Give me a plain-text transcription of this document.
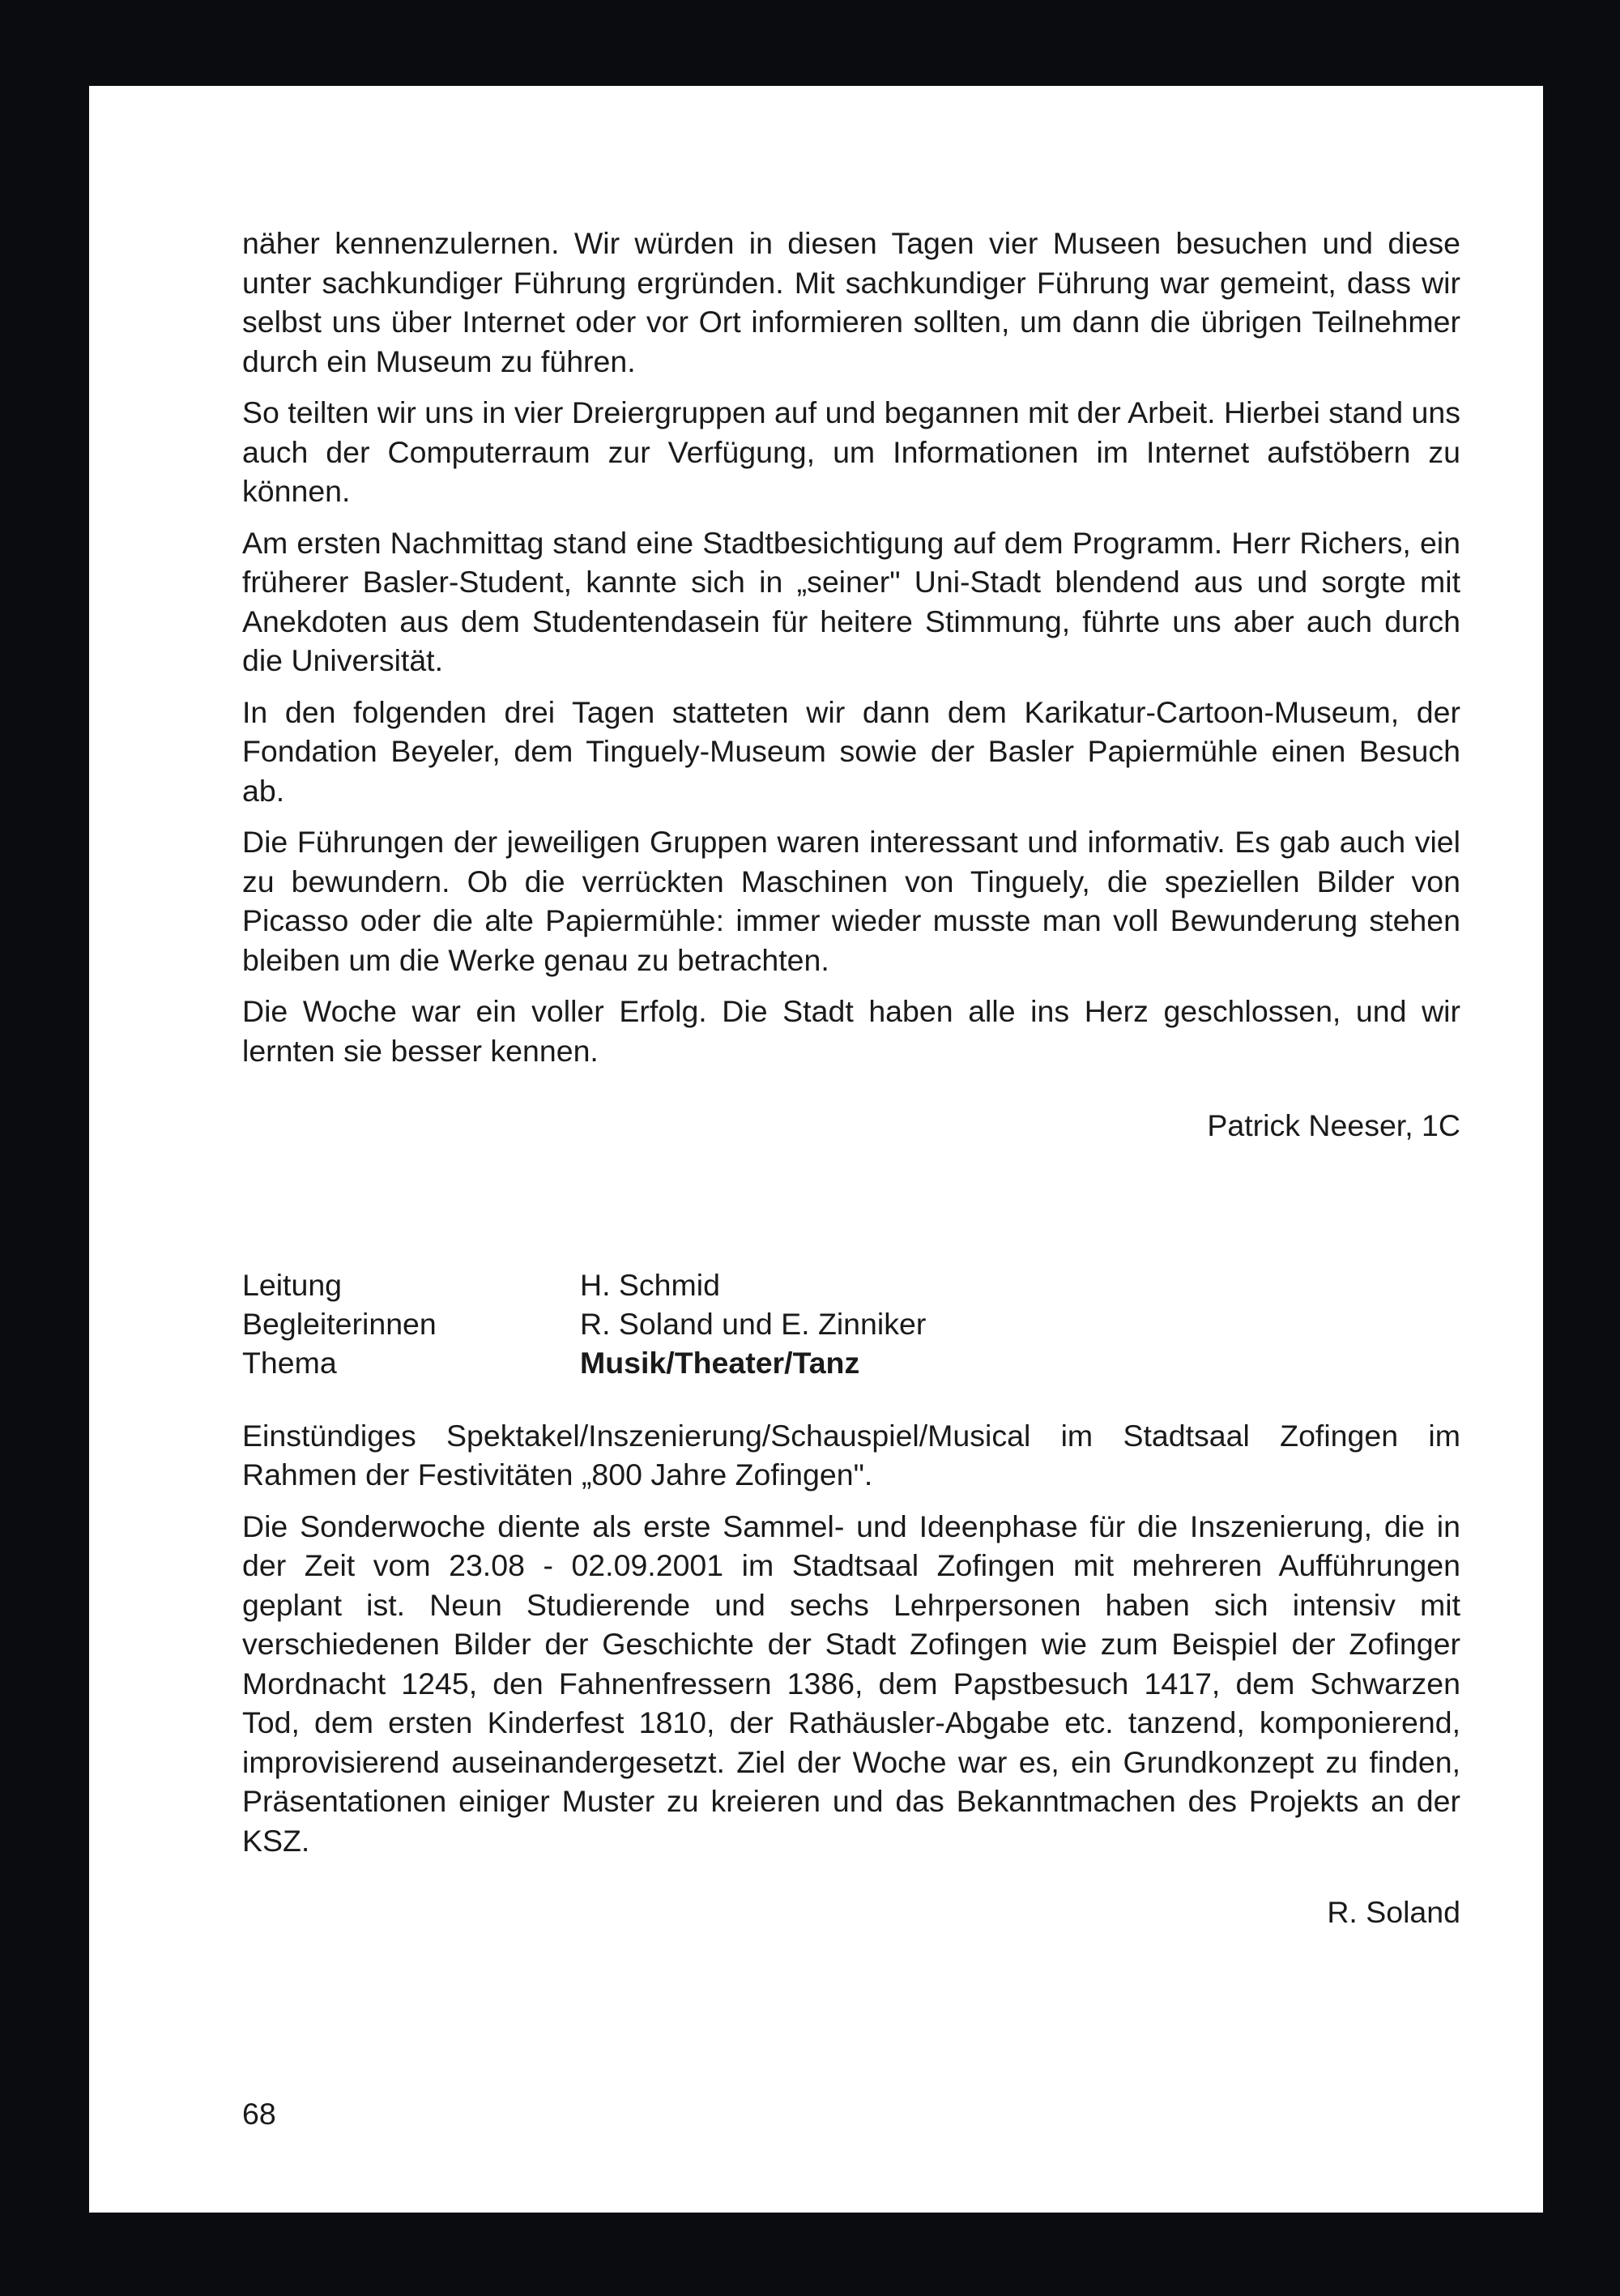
näher kennenzulernen. Wir würden in diesen Tagen vier Museen besuchen und diese unter sachkundiger Führung ergründen. Mit sachkundiger Führung war gemeint, dass wir selbst uns über Internet oder vor Ort informieren sollten, um dann die übrigen Teilnehmer durch ein Museum zu führen.

So teilten wir uns in vier Dreiergruppen auf und begannen mit der Arbeit. Hierbei stand uns auch der Computerraum zur Verfügung, um Informationen im Internet aufstöbern zu können.

Am ersten Nachmittag stand eine Stadtbesichtigung auf dem Programm. Herr Richers, ein früherer Basler-Student, kannte sich in „seiner" Uni-Stadt blendend aus und sorgte mit Anekdoten aus dem Studentendasein für heitere Stimmung, führte uns aber auch durch die Universität.

In den folgenden drei Tagen statteten wir dann dem Karikatur-Cartoon-Museum, der Fondation Beyeler, dem Tinguely-Museum sowie der Basler Papiermühle einen Besuch ab.

Die Führungen der jeweiligen Gruppen waren interessant und informativ. Es gab auch viel zu bewundern. Ob die verrückten Maschinen von Tinguely, die speziellen Bilder von Picasso oder die alte Papiermühle: immer wieder musste man voll Bewunderung stehen bleiben um die Werke genau zu betrachten.

Die Woche war ein voller Erfolg. Die Stadt haben alle ins Herz geschlossen, und wir lernten sie besser kennen.

Patrick Neeser, 1C

Leitung	H. Schmid
Begleiterinnen	R. Soland und E. Zinniker
Thema	Musik/Theater/Tanz

Einstündiges Spektakel/Inszenierung/Schauspiel/Musical im Stadtsaal Zofingen im Rahmen der Festivitäten „800 Jahre Zofingen".

Die Sonderwoche diente als erste Sammel- und Ideenphase für die Inszenierung, die in der Zeit vom 23.08 - 02.09.2001 im Stadtsaal Zofingen mit mehreren Aufführungen geplant ist. Neun Studierende und sechs Lehrpersonen haben sich intensiv mit verschiedenen Bilder der Geschichte der Stadt Zofingen wie zum Beispiel der Zofinger Mordnacht 1245, den Fahnenfressern 1386, dem Papstbesuch 1417, dem Schwarzen Tod, dem ersten Kinderfest 1810, der Rathäusler-Abgabe etc. tanzend, komponierend, improvisierend auseinandergesetzt. Ziel der Woche war es, ein Grundkonzept zu finden, Präsentationen einiger Muster zu kreieren und das Bekanntmachen des Projekts an der KSZ.

R. Soland

68
